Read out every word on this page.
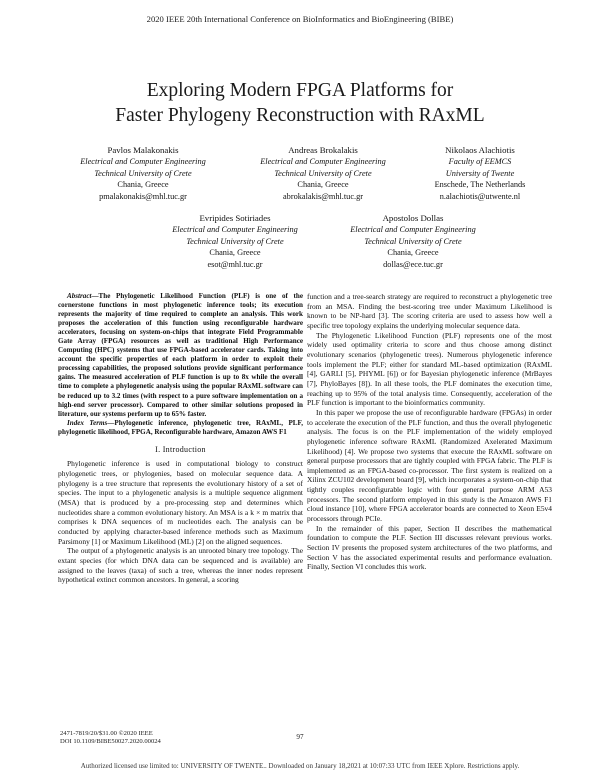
2020 IEEE 20th International Conference on BioInformatics and BioEngineering (BIBE)
Exploring Modern FPGA Platforms for
Faster Phylogeny Reconstruction with RAxML
Pavlos Malakonakis
Electrical and Computer Engineering
Technical University of Crete
Chania, Greece
pmalakonakis@mhl.tuc.gr
Andreas Brokalakis
Electrical and Computer Engineering
Technical University of Crete
Chania, Greece
abrokalakis@mhl.tuc.gr
Nikolaos Alachiotis
Faculty of EEMCS
University of Twente
Enschede, The Netherlands
n.alachiotis@utwente.nl
Evripides Sotiriades
Electrical and Computer Engineering
Technical University of Crete
Chania, Greece
esot@mhl.tuc.gr
Apostolos Dollas
Electrical and Computer Engineering
Technical University of Crete
Chania, Greece
dollas@ece.tuc.gr

Abstract—The Phylogenetic Likelihood Function (PLF) is one of the cornerstone functions in most phylogenetic inference tools; its execution represents the majority of time required to complete an analysis. This work proposes the acceleration of this function using reconfigurable hardware accelerators, focusing on system-on-chips that integrate Field Programmable Gate Array (FPGA) resources as well as traditional High Performance Computing (HPC) systems that use FPGA-based accelerator cards. Taking into account the specific properties of each platform in order to exploit their processing capabilities, the proposed solutions provide significant performance gains. The measured acceleration of PLF function is up to 8x while the overall time to complete a phylogenetic analysis using the popular RAxML software can be reduced up to 3.2 times (with respect to a pure software implementation on a high-end server processor). Compared to other similar solutions proposed in literature, our systems perform up to 65% faster.

Index Terms—Phylogenetic inference, phylogenetic tree, RAxML, PLF, phylogenetic likelihood, FPGA, Reconfigurable hardware, Amazon AWS F1

I. Introduction

Phylogenetic inference is used in computational biology to construct phylogenetic trees, or phylogenies, based on molecular sequence data. A phylogeny is a tree structure that represents the evolutionary history of a set of species. The input to a phylogenetic analysis is a multiple sequence alignment (MSA) that is produced by a pre-processing step and determines which nucleotides share a common evolutionary history. An MSA is a k × m matrix that comprises k DNA sequences of m nucleotides each. The analysis can be conducted by applying character-based inference methods such as Maximum Parsimony [1] or Maximum Likelihood (ML) [2] on the aligned sequences.

The output of a phylogenetic analysis is an unrooted binary tree topology. The extant species (for which DNA data can be sequenced and is available) are assigned to the leaves (taxa) of such a tree, whereas the inner nodes represent hypothetical extinct common ancestors. In general, a scoring

function and a tree-search strategy are required to reconstruct a phylogenetic tree from an MSA. Finding the best-scoring tree under Maximum Likelihood is known to be NP-hard [3]. The scoring criteria are used to assess how well a specific tree topology explains the underlying molecular sequence data.

The Phylogenetic Likelihood Function (PLF) represents one of the most widely used optimality criteria to score and thus choose among distinct evolutionary scenarios (phylogenetic trees). Numerous phylogenetic inference tools implement the PLF; either for standard ML-based optimization (RAxML [4], GARLI [5], PHYML [6]) or for Bayesian phylogenetic inference (MrBayes [7], PhyloBayes [8]). In all these tools, the PLF dominates the execution time, reaching up to 95% of the total analysis time. Consequently, acceleration of the PLF function is important to the bioinformatics community.

In this paper we propose the use of reconfigurable hardware (FPGAs) in order to accelerate the execution of the PLF function, and thus the overall phylogenetic analysis. The focus is on the PLF implementation of the widely employed phylogenetic inference software RAxML (Randomized Axelerated Maximum Likelihood) [4]. We propose two systems that execute the RAxML software on general purpose processors that are tightly coupled with FPGA fabric. The PLF is implemented as an FPGA-based co-processor. The first system is realized on a Xilinx ZCU102 development board [9], which incorporates a system-on-chip that tightly couples reconfigurable logic with four general purpose ARM A53 processors. The second platform employed in this study is the Amazon AWS F1 cloud instance [10], where FPGA accelerator boards are connected to Xeon E5v4 processors through PCIe.

In the remainder of this paper, Section II describes the mathematical foundation to compute the PLF. Section III discusses relevant previous works. Section IV presents the proposed system architectures of the two platforms, and Section V has the associated experimental results and performance evaluation. Finally, Section VI concludes this work.

2471-7819/20/$31.00 ©2020 IEEE
DOI 10.1109/BIBE50027.2020.00024
97
Authorized licensed use limited to: UNIVERSITY OF TWENTE.. Downloaded on January 18,2021 at 10:07:33 UTC from IEEE Xplore. Restrictions apply.
